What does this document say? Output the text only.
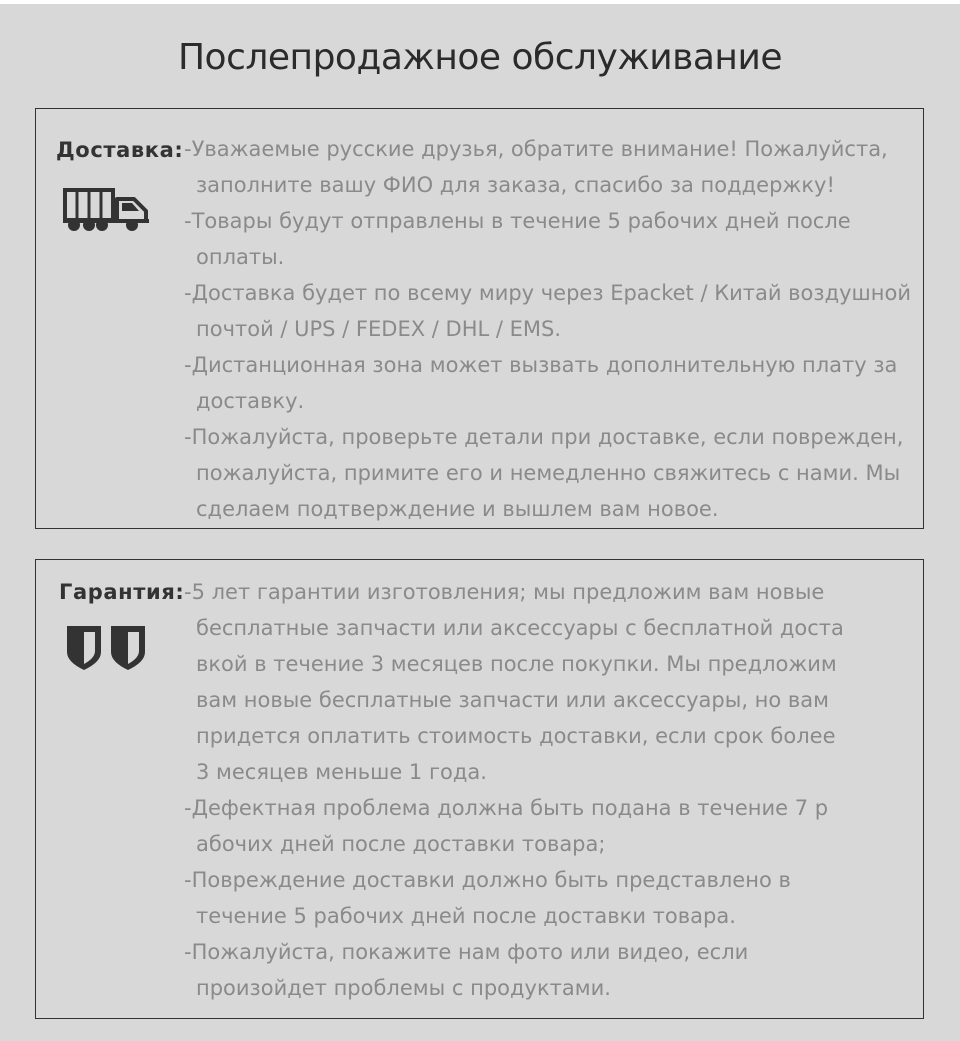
Послепродажное обслуживание
Доставка: -Уважаемые русские друзья, обратите внимание! Пожалуйста,
заполните вашу ФИО для заказа, спасибо за поддержку!
-Товары будут отправлены в течение 5 рабочих дней после
оплаты.
-Доставка будет по всему миру через Epacket / Китай воздушной
почтой / UPS / FEDEX / DHL / EMS.
-Дистанционная зона может вызвать дополнительную плату за
доставку.
-Пожалуйста, проверьте детали при доставке, если поврежден,
пожалуйста, примите его и немедленно свяжитесь с нами. Мы
сделаем подтверждение и вышлем вам новое.
Гарантия: -5 лет гарантии изготовления; мы предложим вам новые
бесплатные запчасти или аксессуары с бесплатной доста
вкой в течение 3 месяцев после покупки. Мы предложим
вам новые бесплатные запчасти или аксессуары, но вам
придется оплатить стоимость доставки, если срок более
3 месяцев меньше 1 года.
-Дефектная проблема должна быть подана в течение 7 р
абочих дней после доставки товара;
-Повреждение доставки должно быть представлено в
течение 5 рабочих дней после доставки товара.
-Пожалуйста, покажите нам фото или видео, если
произойдет проблемы с продуктами.
